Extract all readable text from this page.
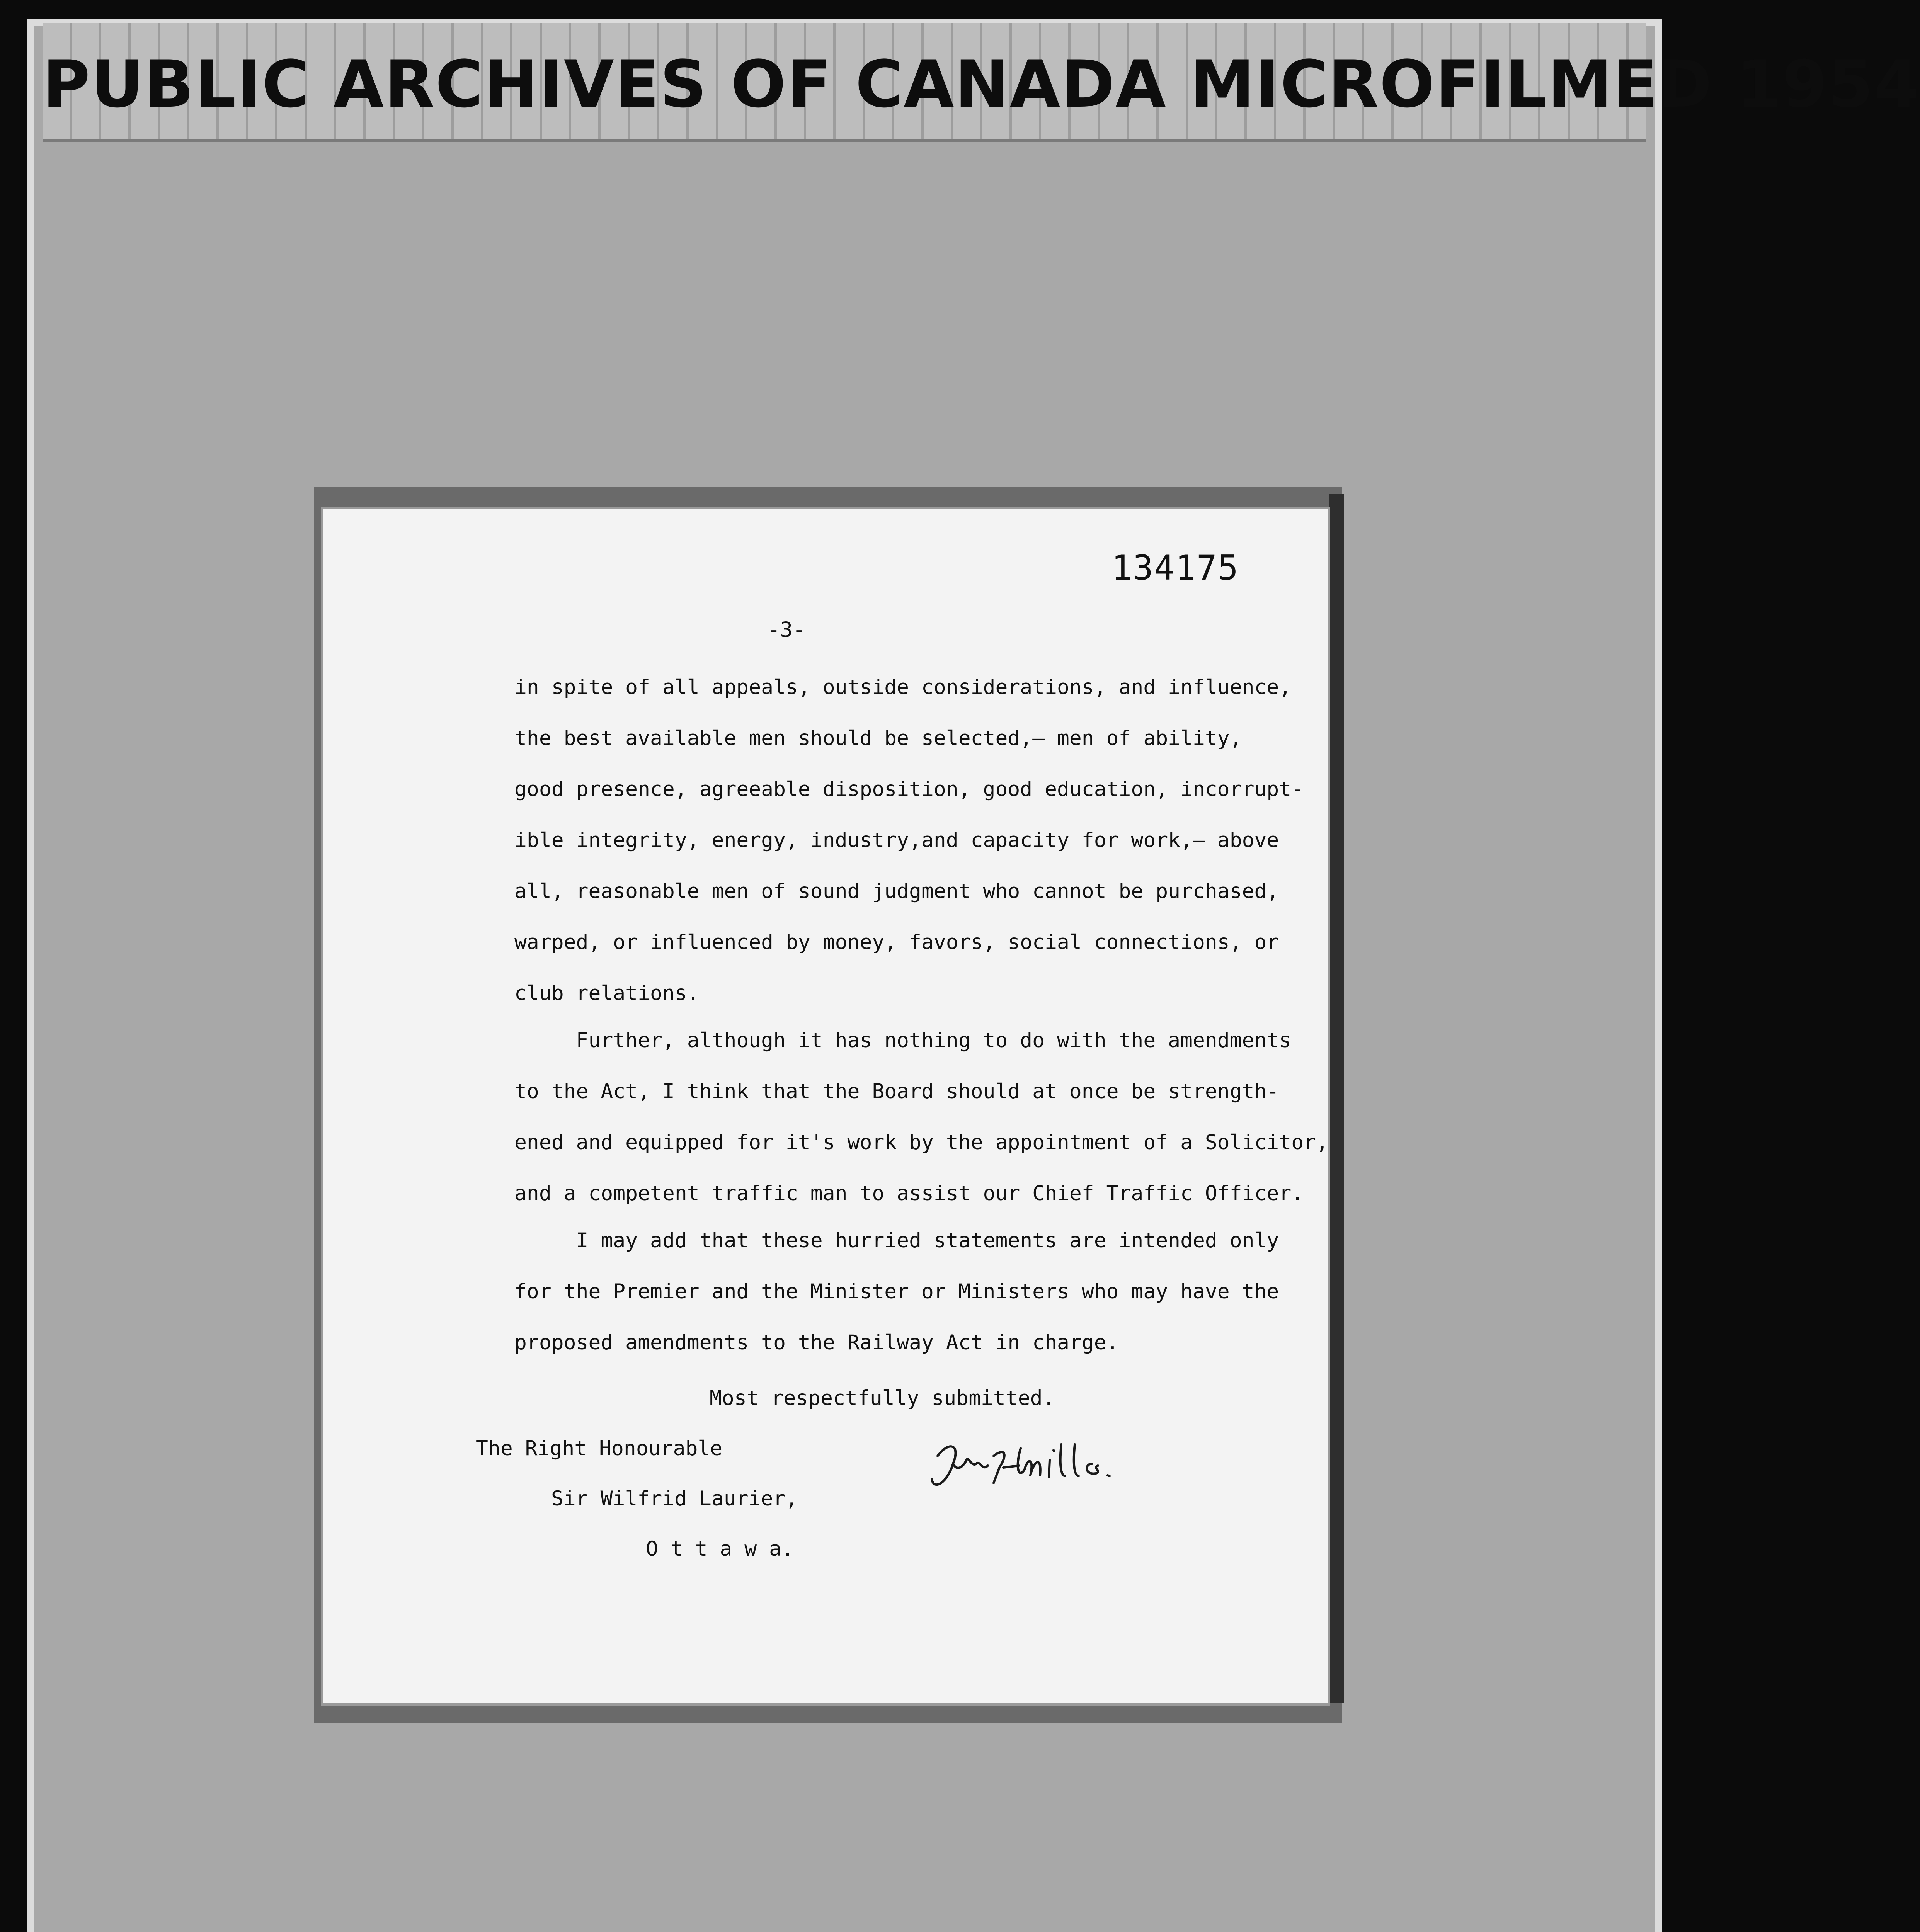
PUBLIC ARCHIVES OF CANADA MICROFILMED 1954
134175
-3-
in spite of all appeals, outside considerations, and influence,
the best available men should be selected,— men of ability,
good presence, agreeable disposition, good education, incorrupt-
ible integrity, energy, industry,and capacity for work,— above
all, reasonable men of sound judgment who cannot be purchased,
warped, or influenced by money, favors, social connections, or
club relations.
Further, although it has nothing to do with the amendments
to the Act, I think that the Board should at once be strength-
ened and equipped for it's work by the appointment of a Solicitor,
and a competent traffic man to assist our Chief Traffic Officer.
I may add that these hurried statements are intended only
for the Premier and the Minister or Ministers who may have the
proposed amendments to the Railway Act in charge.
Most respectfully submitted.
The Right Honourable
Sir Wilfrid Laurier,
O t t a w a.
